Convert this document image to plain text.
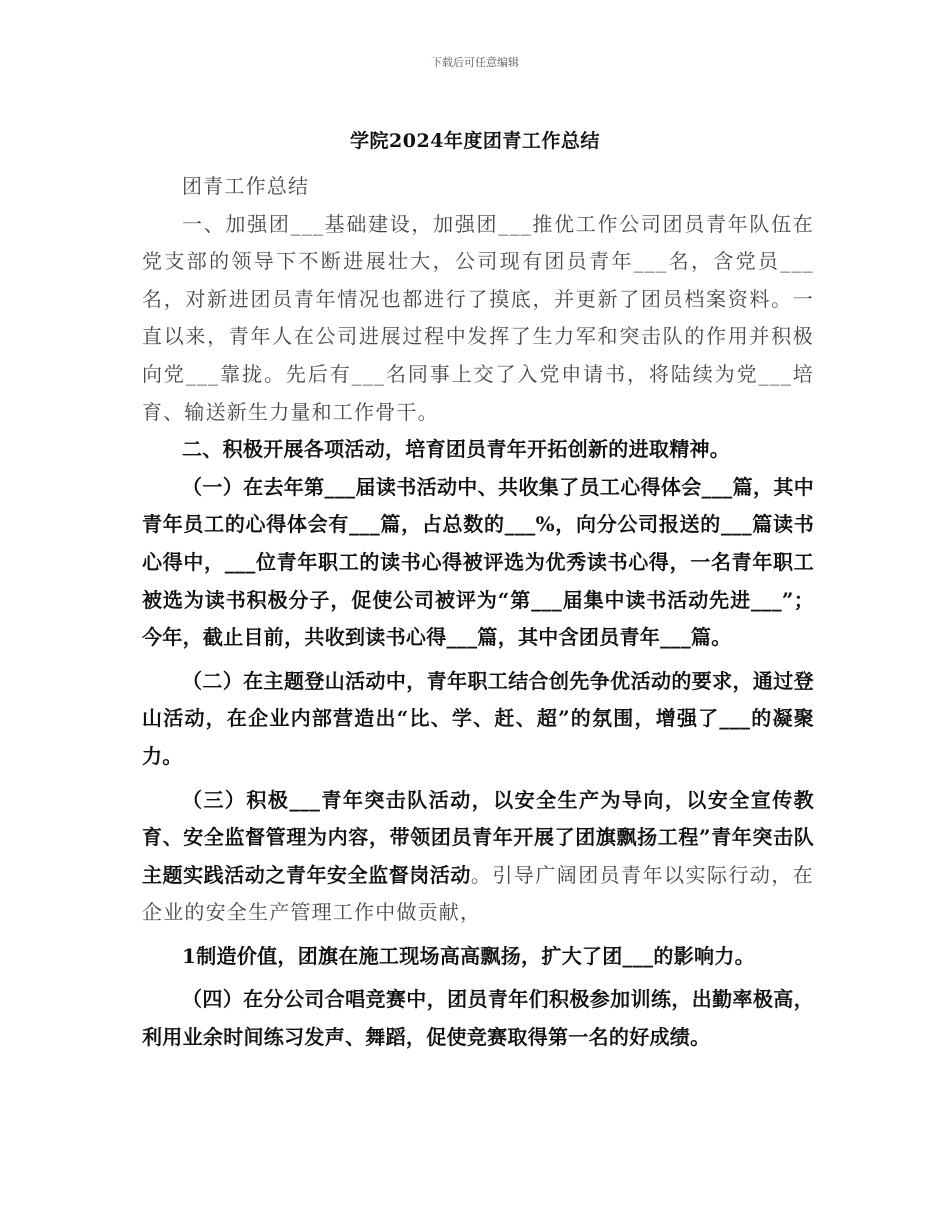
下载后可任意编辑
学院2024年度团青工作总结

团青工作总结

一、加强团___基础建设，加强团___推优工作公司团员青年队伍在党支部的领导下不断进展壮大，公司现有团员青年___名，含党员___名，对新进团员青年情况也都进行了摸底，并更新了团员档案资料。一直以来，青年人在公司进展过程中发挥了生力军和突击队的作用并积极向党___靠拢。先后有___名同事上交了入党申请书，将陆续为党___培育、输送新生力量和工作骨干。

二、积极开展各项活动，培育团员青年开拓创新的进取精神。

（一）在去年第___届读书活动中、共收集了员工心得体会___篇，其中青年员工的心得体会有___篇，占总数的___%，向分公司报送的___篇读书心得中，___位青年职工的读书心得被评选为优秀读书心得，一名青年职工被选为读书积极分子，促使公司被评为“第___届集中读书活动先进___”；今年，截止目前，共收到读书心得___篇，其中含团员青年___篇。

（二）在主题登山活动中，青年职工结合创先争优活动的要求，通过登山活动，在企业内部营造出“比、学、赶、超”的氛围，增强了___的凝聚力。

（三）积极___青年突击队活动，以安全生产为导向，以安全宣传教育、安全监督管理为内容，带领团员青年开展了团旗飘扬工程”青年突击队主题实践活动之青年安全监督岗活动。引导广阔团员青年以实际行动，在企业的安全生产管理工作中做贡献，

1制造价值，团旗在施工现场高高飘扬，扩大了团___的影响力。

（四）在分公司合唱竞赛中，团员青年们积极参加训练，出勤率极高，利用业余时间练习发声、舞蹈，促使竞赛取得第一名的好成绩。
